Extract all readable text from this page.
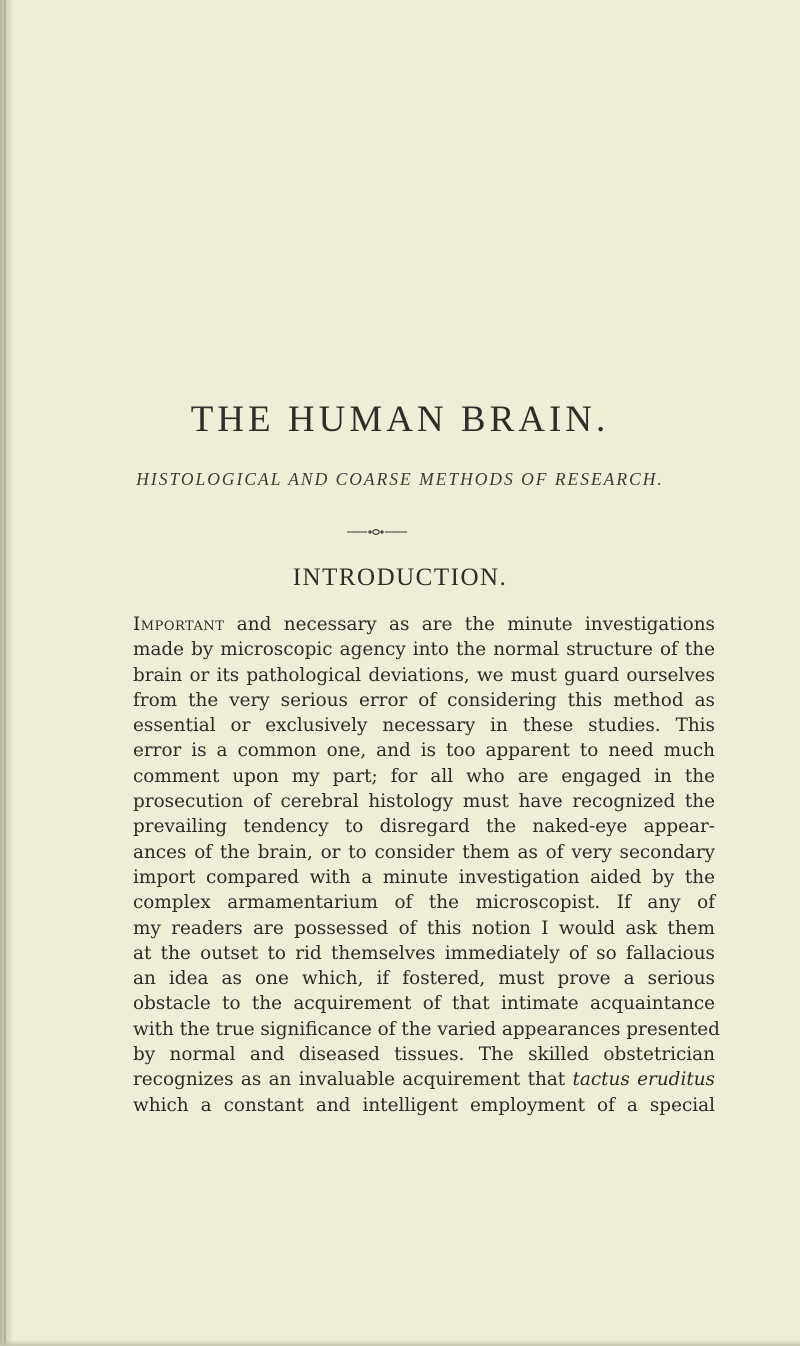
THE HUMAN BRAIN.
HISTOLOGICAL AND COARSE METHODS OF RESEARCH.
INTRODUCTION.
Important and necessary as are the minute investigations
made by microscopic agency into the normal structure of the
brain or its pathological deviations, we must guard ourselves
from the very serious error of considering this method as
essential or exclusively necessary in these studies. This
error is a common one, and is too apparent to need much
comment upon my part; for all who are engaged in the
prosecution of cerebral histology must have recognized the
prevailing tendency to disregard the naked-eye appear-
ances of the brain, or to consider them as of very secondary
import compared with a minute investigation aided by the
complex armamentarium of the microscopist. If any of
my readers are possessed of this notion I would ask them
at the outset to rid themselves immediately of so fallacious
an idea as one which, if fostered, must prove a serious
obstacle to the acquirement of that intimate acquaintance
with the true significance of the varied appearances presented
by normal and diseased tissues. The skilled obstetrician
recognizes as an invaluable acquirement that tactus eruditus
which a constant and intelligent employment of a special
